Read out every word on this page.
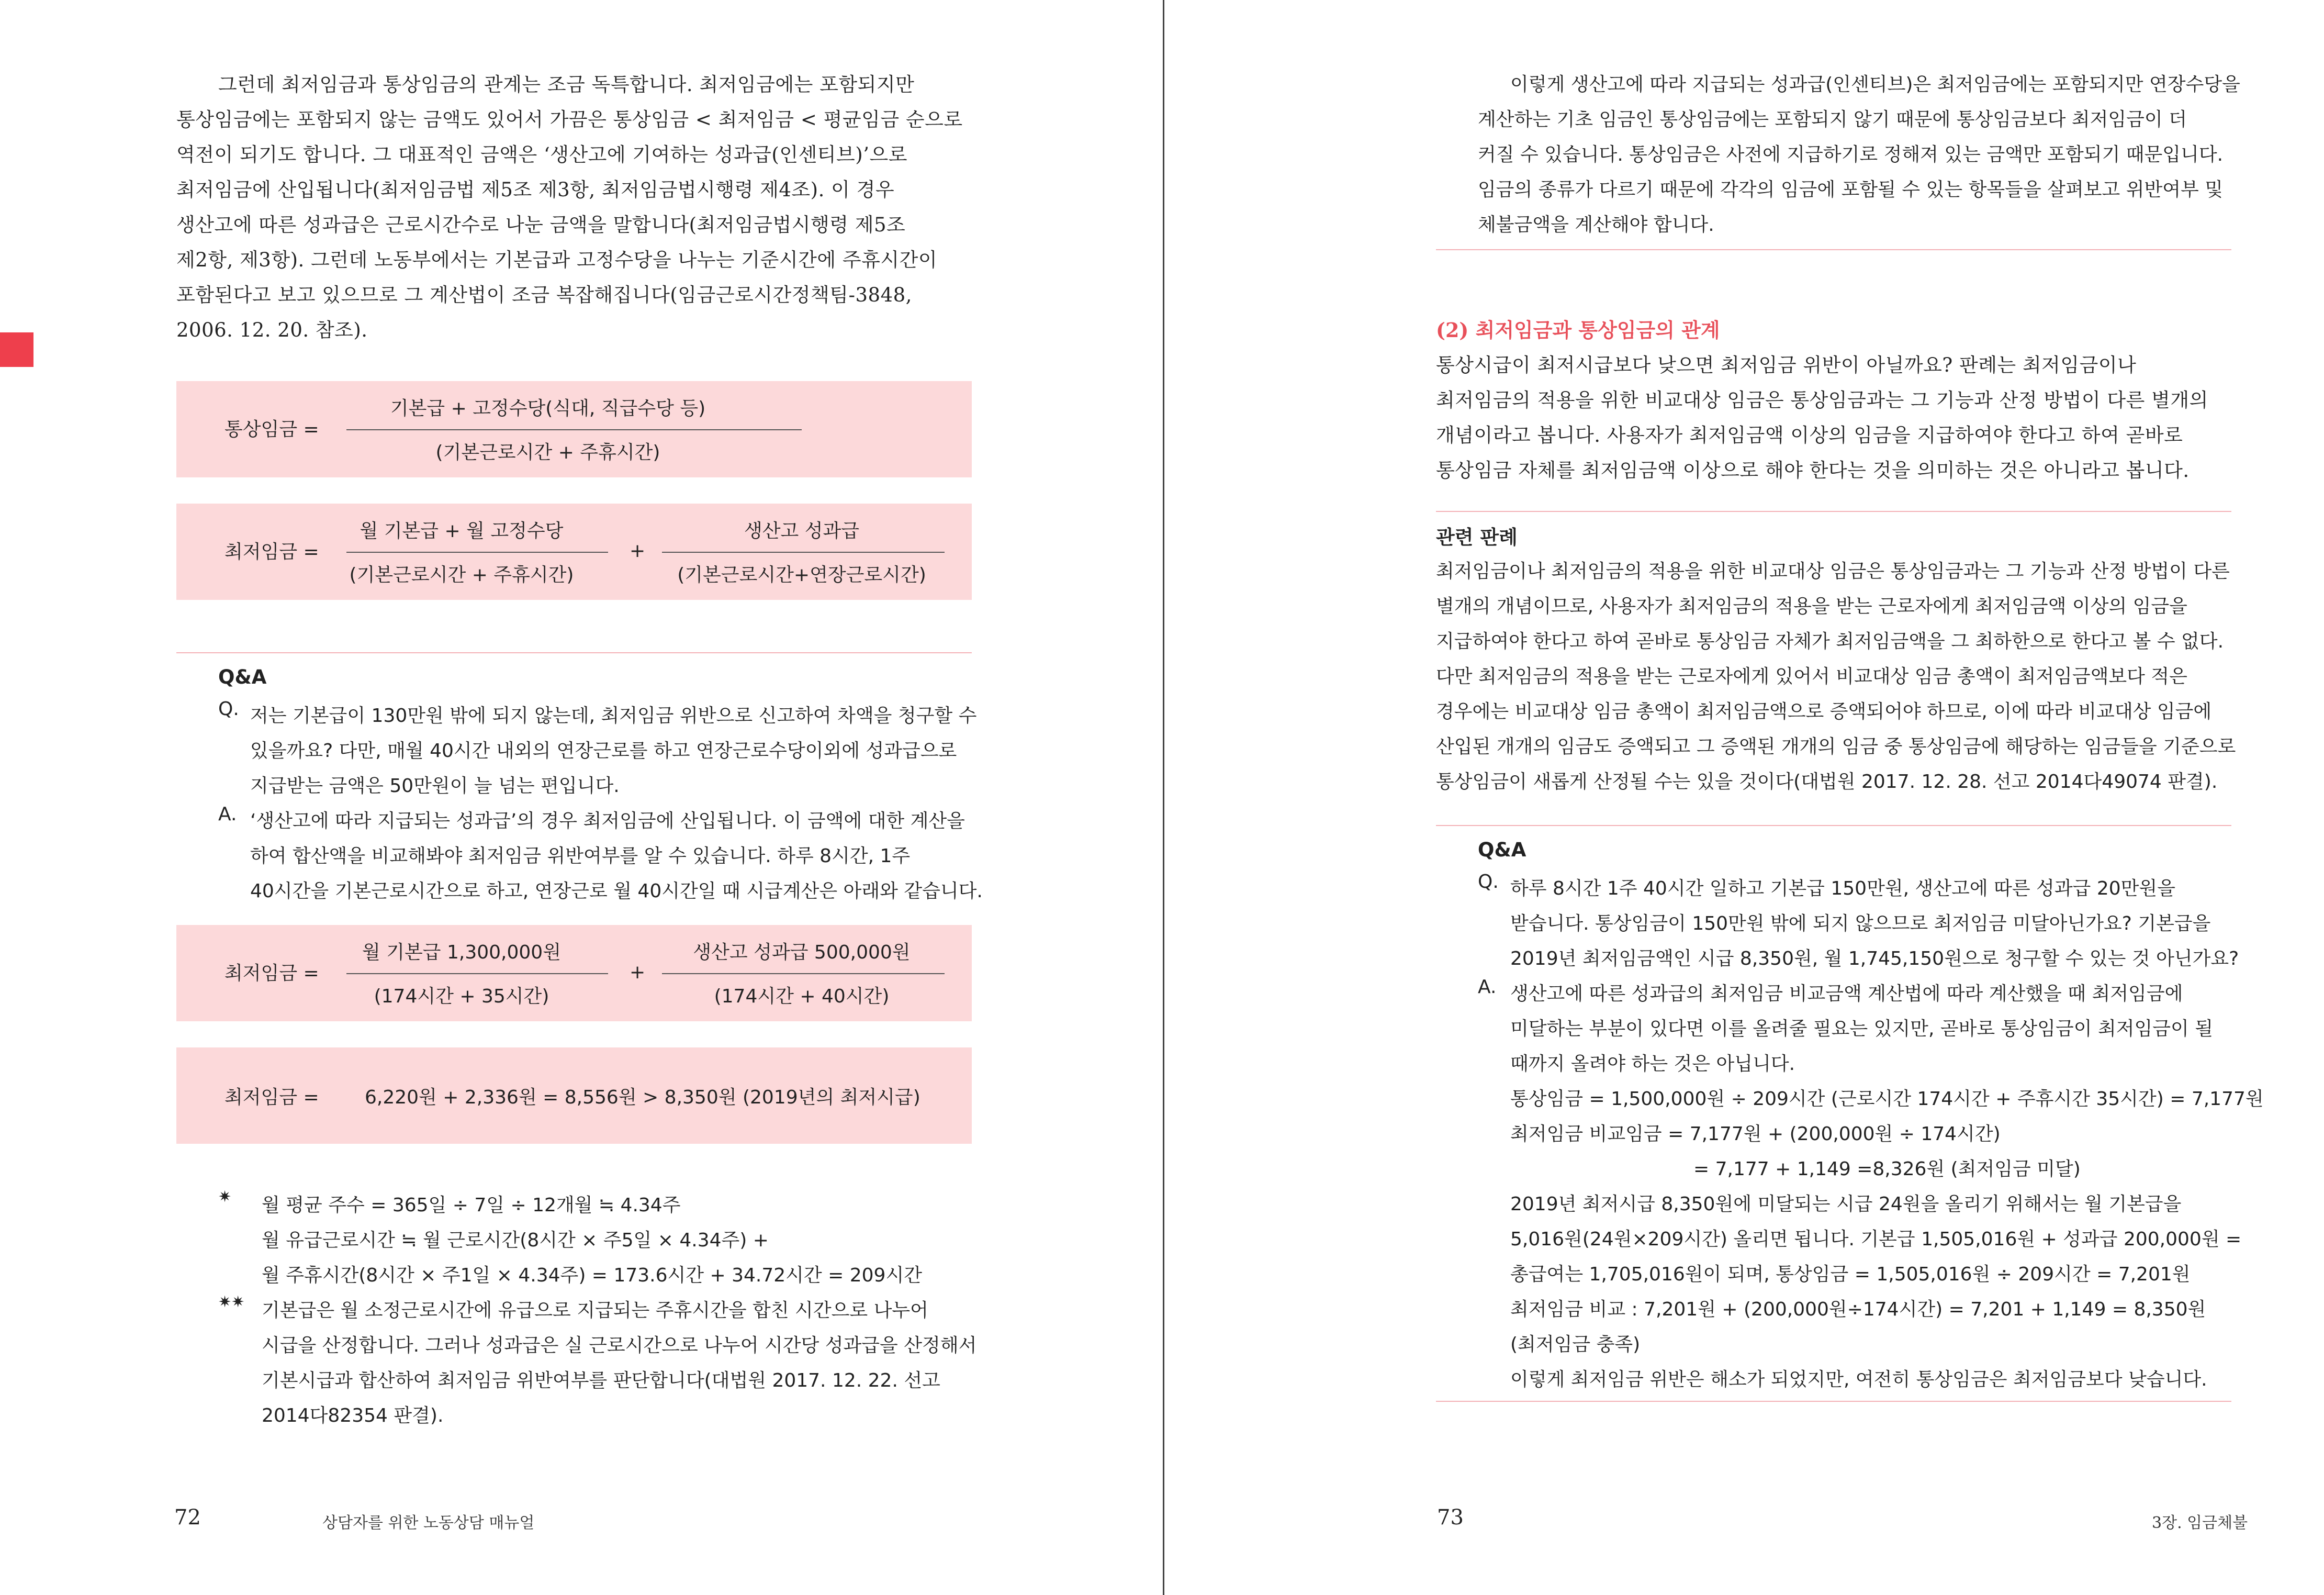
그런데 최저임금과 통상임금의 관계는 조금 독특합니다. 최저임금에는 포함되지만
통상임금에는 포함되지 않는 금액도 있어서 가끔은 통상임금 < 최저임금 < 평균임금 순으로
역전이 되기도 합니다. 그 대표적인 금액은 ‘생산고에 기여하는 성과급(인센티브)’으로
최저임금에 산입됩니다(최저임금법 제5조 제3항, 최저임금법시행령 제4조). 이 경우
생산고에 따른 성과급은 근로시간수로 나눈 금액을 말합니다(최저임금법시행령 제5조
제2항, 제3항). 그런데 노동부에서는 기본급과 고정수당을 나누는 기준시간에 주휴시간이
포함된다고 보고 있으므로 그 계산법이 조금 복잡해집니다(임금근로시간정책팀-3848,
2006. 12. 20. 참조).
통상임금 =
기본급 + 고정수당(식대, 직급수당 등)
(기본근로시간 + 주휴시간)
최저임금 =
월 기본급 + 월 고정수당
(기본근로시간 + 주휴시간)
+
생산고 성과급
(기본근로시간+연장근로시간)
Q&A
Q. 저는 기본급이 130만원 밖에 되지 않는데, 최저임금 위반으로 신고하여 차액을 청구할 수
있을까요? 다만, 매월 40시간 내외의 연장근로를 하고 연장근로수당이외에 성과급으로
지급받는 금액은 50만원이 늘 넘는 편입니다.
A. ‘생산고에 따라 지급되는 성과급’의 경우 최저임금에 산입됩니다. 이 금액에 대한 계산을
하여 합산액을 비교해봐야 최저임금 위반여부를 알 수 있습니다. 하루 8시간, 1주
40시간을 기본근로시간으로 하고, 연장근로 월 40시간일 때 시급계산은 아래와 같습니다.
최저임금 =
월 기본급 1,300,000원
(174시간 + 35시간)
+
생산고 성과급 500,000원
(174시간 + 40시간)
최저임금 = 6,220원 + 2,336원 = 8,556원 > 8,350원 (2019년의 최저시급)
✷ 월 평균 주수 = 365일 ÷ 7일 ÷ 12개월 ≒ 4.34주
월 유급근로시간 ≒ 월 근로시간(8시간 × 주5일 × 4.34주) +
월 주휴시간(8시간 × 주1일 × 4.34주) = 173.6시간 + 34.72시간 = 209시간
✷✷ 기본급은 월 소정근로시간에 유급으로 지급되는 주휴시간을 합친 시간으로 나누어
시급을 산정합니다. 그러나 성과급은 실 근로시간으로 나누어 시간당 성과급을 산정해서
기본시급과 합산하여 최저임금 위반여부를 판단합니다(대법원 2017. 12. 22. 선고
2014다82354 판결).
72	상담자를 위한 노동상담 매뉴얼
이렇게 생산고에 따라 지급되는 성과급(인센티브)은 최저임금에는 포함되지만 연장수당을
계산하는 기초 임금인 통상임금에는 포함되지 않기 때문에 통상임금보다 최저임금이 더
커질 수 있습니다. 통상임금은 사전에 지급하기로 정해져 있는 금액만 포함되기 때문입니다.
임금의 종류가 다르기 때문에 각각의 임금에 포함될 수 있는 항목들을 살펴보고 위반여부 및
체불금액을 계산해야 합니다.
(2) 최저임금과 통상임금의 관계
통상시급이 최저시급보다 낮으면 최저임금 위반이 아닐까요? 판례는 최저임금이나
최저임금의 적용을 위한 비교대상 임금은 통상임금과는 그 기능과 산정 방법이 다른 별개의
개념이라고 봅니다. 사용자가 최저임금액 이상의 임금을 지급하여야 한다고 하여 곧바로
통상임금 자체를 최저임금액 이상으로 해야 한다는 것을 의미하는 것은 아니라고 봅니다.
관련 판례
최저임금이나 최저임금의 적용을 위한 비교대상 임금은 통상임금과는 그 기능과 산정 방법이 다른
별개의 개념이므로, 사용자가 최저임금의 적용을 받는 근로자에게 최저임금액 이상의 임금을
지급하여야 한다고 하여 곧바로 통상임금 자체가 최저임금액을 그 최하한으로 한다고 볼 수 없다.
다만 최저임금의 적용을 받는 근로자에게 있어서 비교대상 임금 총액이 최저임금액보다 적은
경우에는 비교대상 임금 총액이 최저임금액으로 증액되어야 하므로, 이에 따라 비교대상 임금에
산입된 개개의 임금도 증액되고 그 증액된 개개의 임금 중 통상임금에 해당하는 임금들을 기준으로
통상임금이 새롭게 산정될 수는 있을 것이다(대법원 2017. 12. 28. 선고 2014다49074 판결).
Q&A
Q. 하루 8시간 1주 40시간 일하고 기본급 150만원, 생산고에 따른 성과급 20만원을
받습니다. 통상임금이 150만원 밖에 되지 않으므로 최저임금 미달아닌가요? 기본급을
2019년 최저임금액인 시급 8,350원, 월 1,745,150원으로 청구할 수 있는 것 아닌가요?
A. 생산고에 따른 성과급의 최저임금 비교금액 계산법에 따라 계산했을 때 최저임금에
미달하는 부분이 있다면 이를 올려줄 필요는 있지만, 곧바로 통상임금이 최저임금이 될
때까지 올려야 하는 것은 아닙니다.
통상임금 = 1,500,000원 ÷ 209시간 (근로시간 174시간 + 주휴시간 35시간) = 7,177원
최저임금 비교임금 = 7,177원 + (200,000원 ÷ 174시간)
= 7,177 + 1,149 =8,326원 (최저임금 미달)
2019년 최저시급 8,350원에 미달되는 시급 24원을 올리기 위해서는 월 기본급을
5,016원(24원×209시간) 올리면 됩니다. 기본급 1,505,016원 + 성과급 200,000원 =
총급여는 1,705,016원이 되며, 통상임금 = 1,505,016원 ÷ 209시간 = 7,201원
최저임금 비교 : 7,201원 + (200,000원÷174시간) = 7,201 + 1,149 = 8,350원
(최저임금 충족)
이렇게 최저임금 위반은 해소가 되었지만, 여전히 통상임금은 최저임금보다 낮습니다.
73	3장. 임금체불
